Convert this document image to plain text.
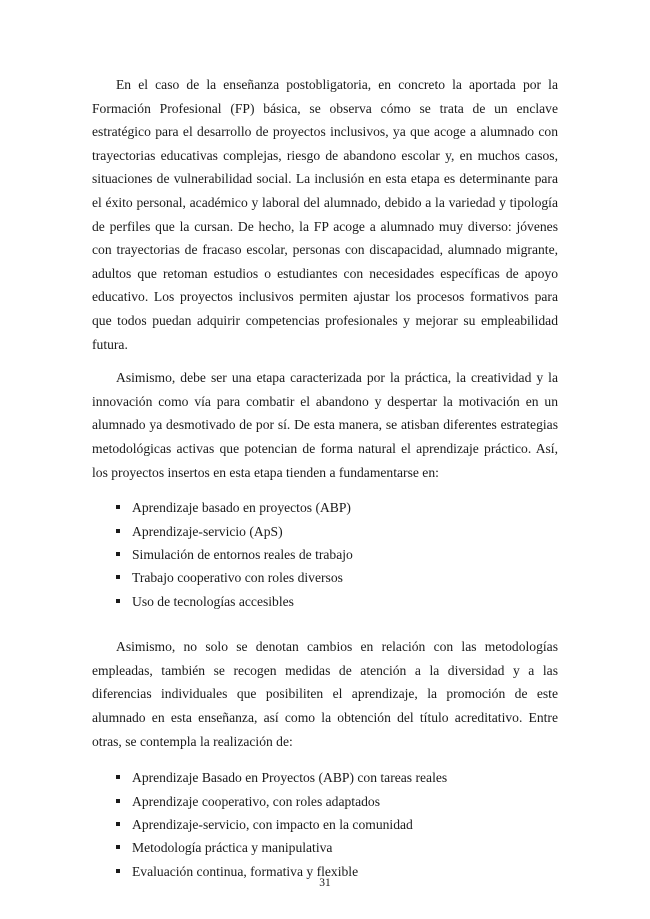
En el caso de la enseñanza postobligatoria, en concreto la aportada por la Formación Profesional (FP) básica, se observa cómo se trata de un enclave estratégico para el desarrollo de proyectos inclusivos, ya que acoge a alumnado con trayectorias educativas complejas, riesgo de abandono escolar y, en muchos casos, situaciones de vulnerabilidad social. La inclusión en esta etapa es determinante para el éxito personal, académico y laboral del alumnado, debido a la variedad y tipología de perfiles que la cursan. De hecho, la FP acoge a alumnado muy diverso: jóvenes con trayectorias de fracaso escolar, personas con discapacidad, alumnado migrante, adultos que retoman estudios o estudiantes con necesidades específicas de apoyo educativo. Los proyectos inclusivos permiten ajustar los procesos formativos para que todos puedan adquirir competencias profesionales y mejorar su empleabilidad futura.

Asimismo, debe ser una etapa caracterizada por la práctica, la creatividad y la innovación como vía para combatir el abandono y despertar la motivación en un alumnado ya desmotivado de por sí. De esta manera, se atisban diferentes estrategias metodológicas activas que potencian de forma natural el aprendizaje práctico. Así, los proyectos insertos en esta etapa tienden a fundamentarse en:

Aprendizaje basado en proyectos (ABP)
Aprendizaje-servicio (ApS)
Simulación de entornos reales de trabajo
Trabajo cooperativo con roles diversos
Uso de tecnologías accesibles

Asimismo, no solo se denotan cambios en relación con las metodologías empleadas, también se recogen medidas de atención a la diversidad y a las diferencias individuales que posibiliten el aprendizaje, la promoción de este alumnado en esta enseñanza, así como la obtención del título acreditativo. Entre otras, se contempla la realización de:

Aprendizaje Basado en Proyectos (ABP) con tareas reales
Aprendizaje cooperativo, con roles adaptados
Aprendizaje-servicio, con impacto en la comunidad
Metodología práctica y manipulativa
Evaluación continua, formativa y flexible
31
